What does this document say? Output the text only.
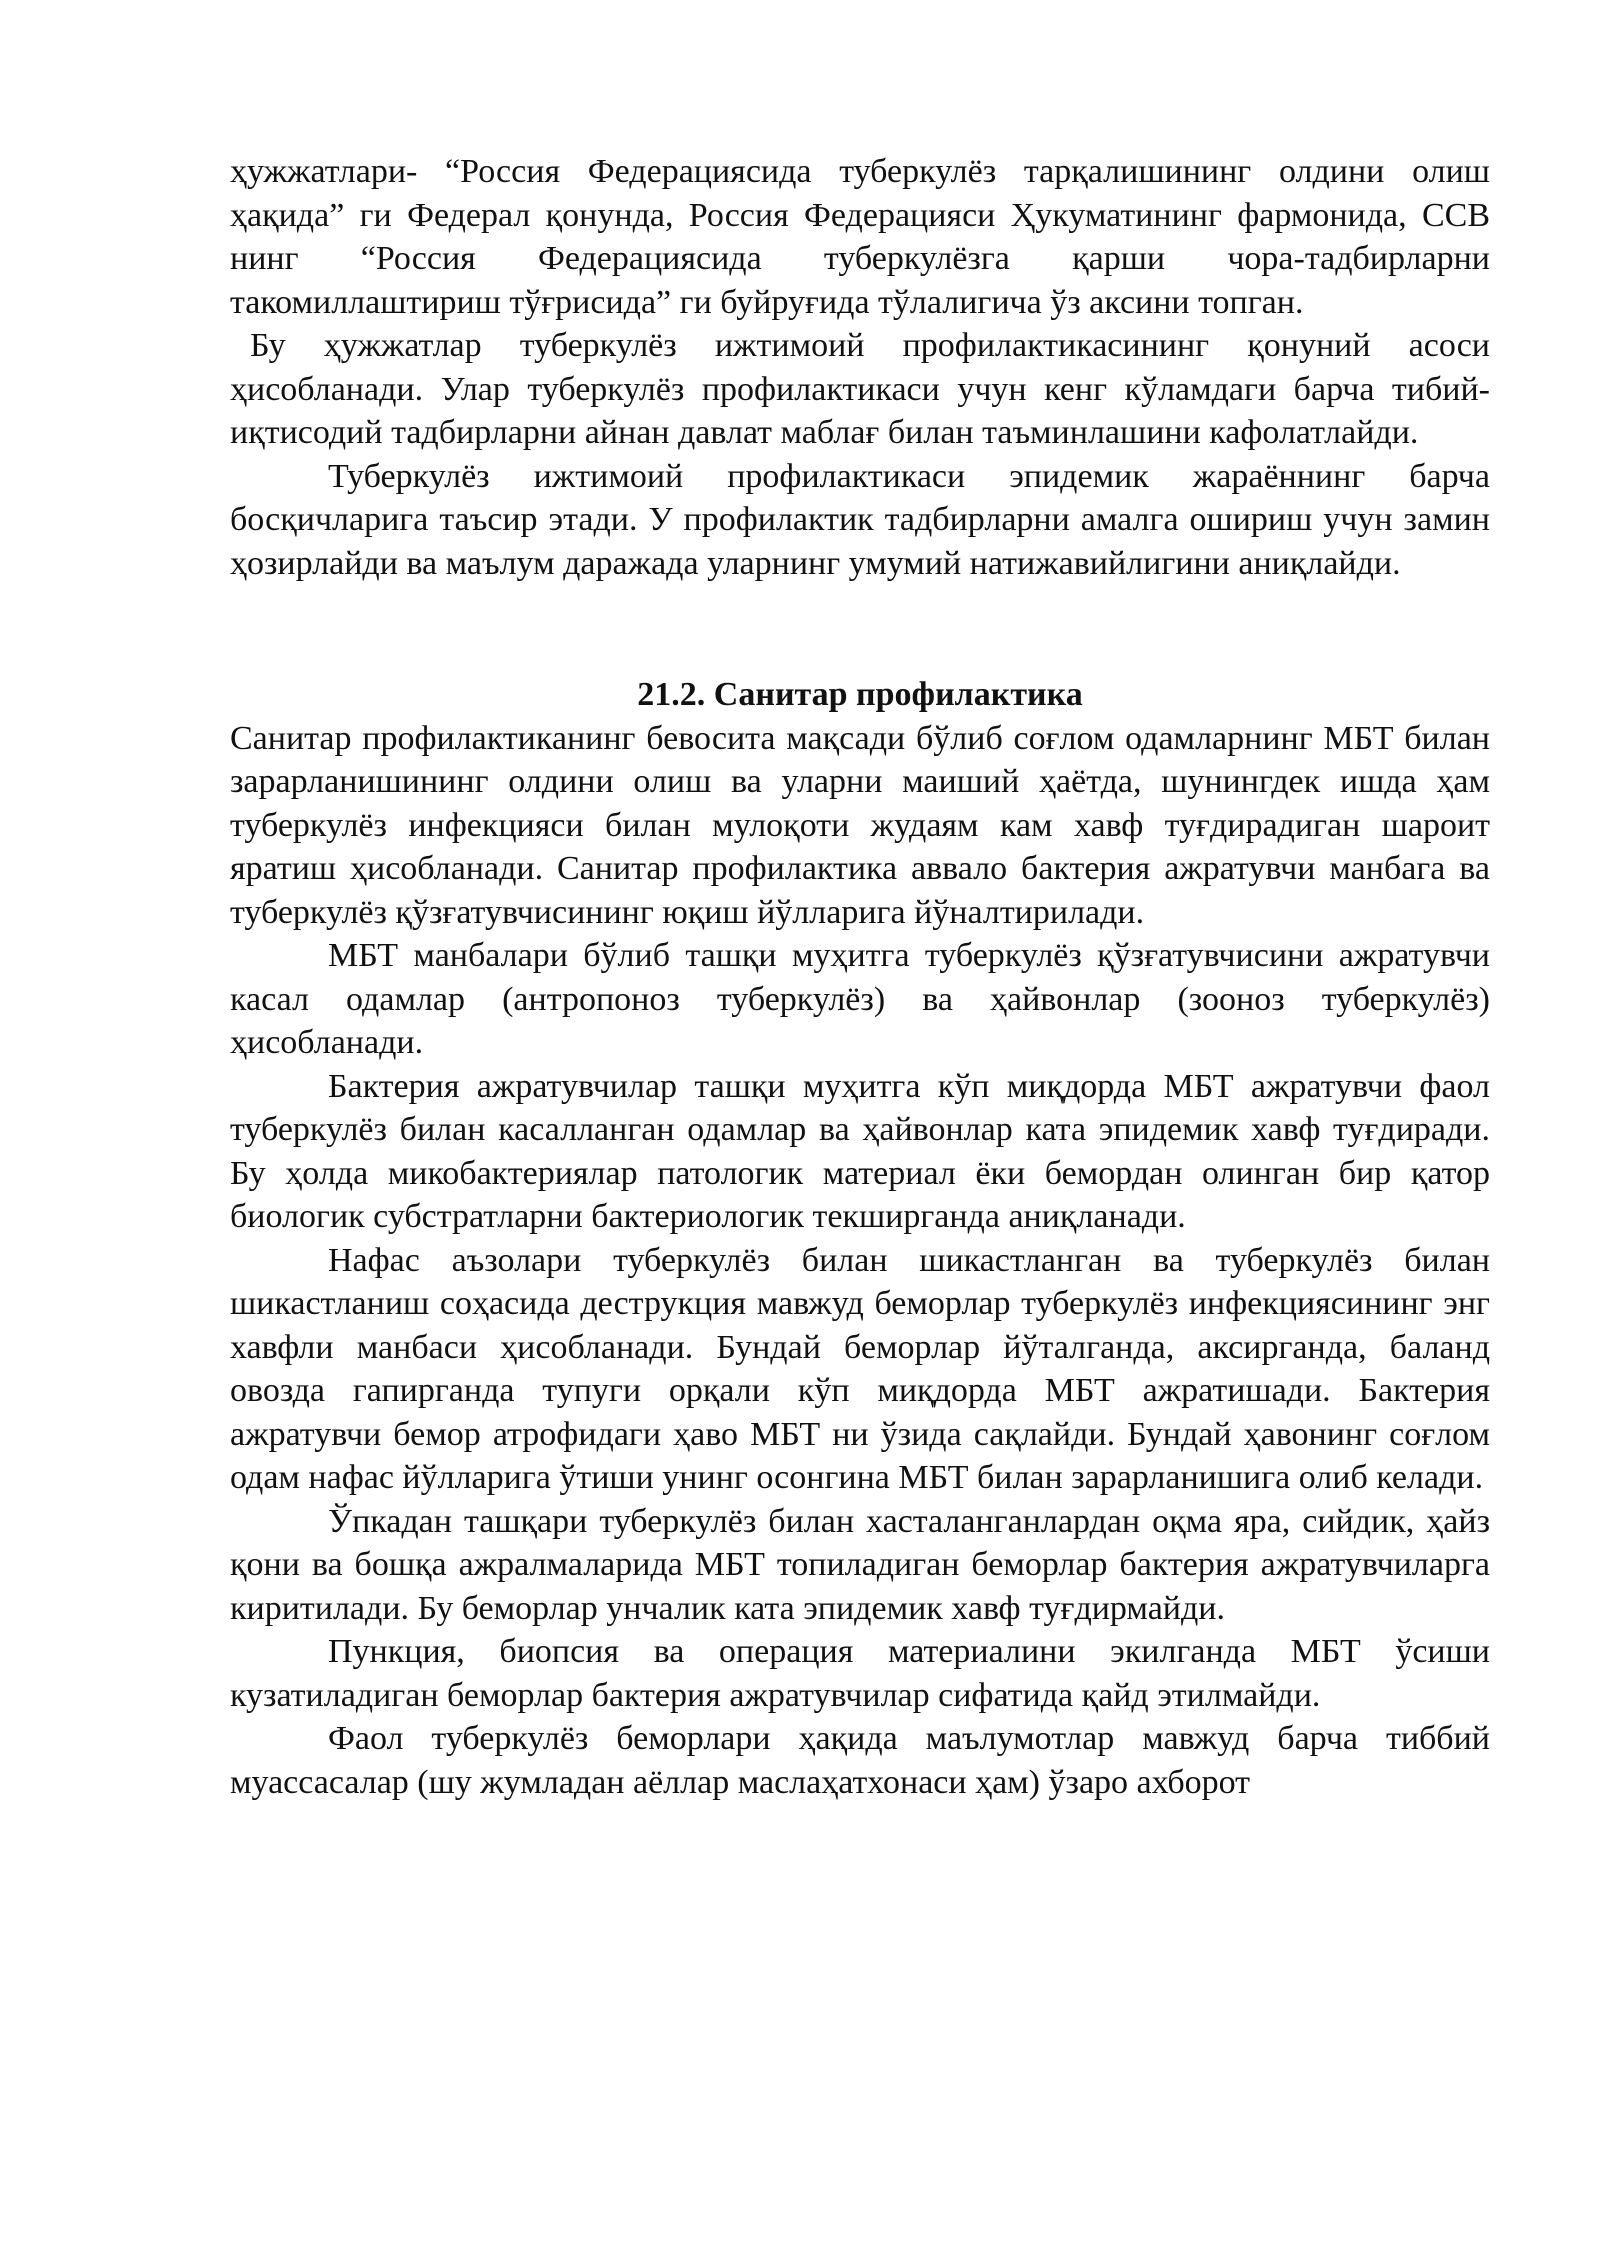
ҳужжатлари- “Россия Федерациясида туберкулёз тарқалишининг олдини олиш ҳақида” ги Федерал қонунда, Россия Федерацияси Ҳукуматининг фармонида, ССВ нинг “Россия Федерациясида туберкулёзга қарши чора-тадбирларни такомиллаштириш тўғрисида” ги буйруғида тўлалигича ўз аксини топган.

Бу ҳужжатлар туберкулёз ижтимоий профилактикасининг қонуний асоси ҳисобланади. Улар туберкулёз профилактикаси учун кенг кўламдаги барча тибий-иқтисодий тадбирларни айнан давлат маблағ билан таъминлашини кафолатлайди.

Туберкулёз ижтимоий профилактикаси эпидемик жараённинг барча босқичларига таъсир этади. У профилактик тадбирларни амалга ошириш учун замин ҳозирлайди ва маълум даражада уларнинг умумий натижавийлигини аниқлайди.

21.2. Санитар профилактика

Санитар профилактиканинг бевосита мақсади бўлиб соғлом одамларнинг МБТ билан зарарланишининг олдини олиш ва уларни маиший ҳаётда, шунингдек ишда ҳам туберкулёз инфекцияси билан мулоқоти жудаям кам хавф туғдирадиган шароит яратиш ҳисобланади. Санитар профилактика аввало бактерия ажратувчи манбага ва туберкулёз қўзғатувчисининг юқиш йўлларига йўналтирилади.

МБТ манбалари бўлиб ташқи муҳитга туберкулёз қўзғатувчисини ажратувчи касал одамлар (антропоноз туберкулёз) ва ҳайвонлар (зооноз туберкулёз) ҳисобланади.

Бактерия ажратувчилар ташқи муҳитга кўп миқдорда МБТ ажратувчи фаол туберкулёз билан касалланган одамлар ва ҳайвонлар ката эпидемик хавф туғдиради. Бу ҳолда микобактериялар патологик материал ёки бемордан олинган бир қатор биологик субстратларни бактериологик текширганда аниқланади.

Нафас аъзолари туберкулёз билан шикастланган ва туберкулёз билан шикастланиш соҳасида деструкция мавжуд беморлар туберкулёз инфекциясининг энг хавфли манбаси ҳисобланади. Бундай беморлар йўталганда, аксирганда, баланд овозда гапирганда тупуги орқали кўп миқдорда МБТ ажратишади. Бактерия ажратувчи бемор атрофидаги ҳаво МБТ ни ўзида сақлайди. Бундай ҳавонинг соғлом одам нафас йўлларига ўтиши унинг осонгина МБТ билан зарарланишига олиб келади.

Ўпкадан ташқари туберкулёз билан хасталанганлардан оқма яра, сийдик, ҳайз қони ва бошқа ажралмаларида МБТ топиладиган беморлар бактерия ажратувчиларга киритилади. Бу беморлар унчалик ката эпидемик хавф туғдирмайди.

Пункция, биопсия ва операция материалини экилганда МБТ ўсиши кузатиладиган беморлар бактерия ажратувчилар сифатида қайд этилмайди.

Фаол туберкулёз беморлари ҳақида маълумотлар мавжуд барча тиббий муассасалар (шу жумладан аёллар маслаҳатхонаси ҳам) ўзаро ахборот
